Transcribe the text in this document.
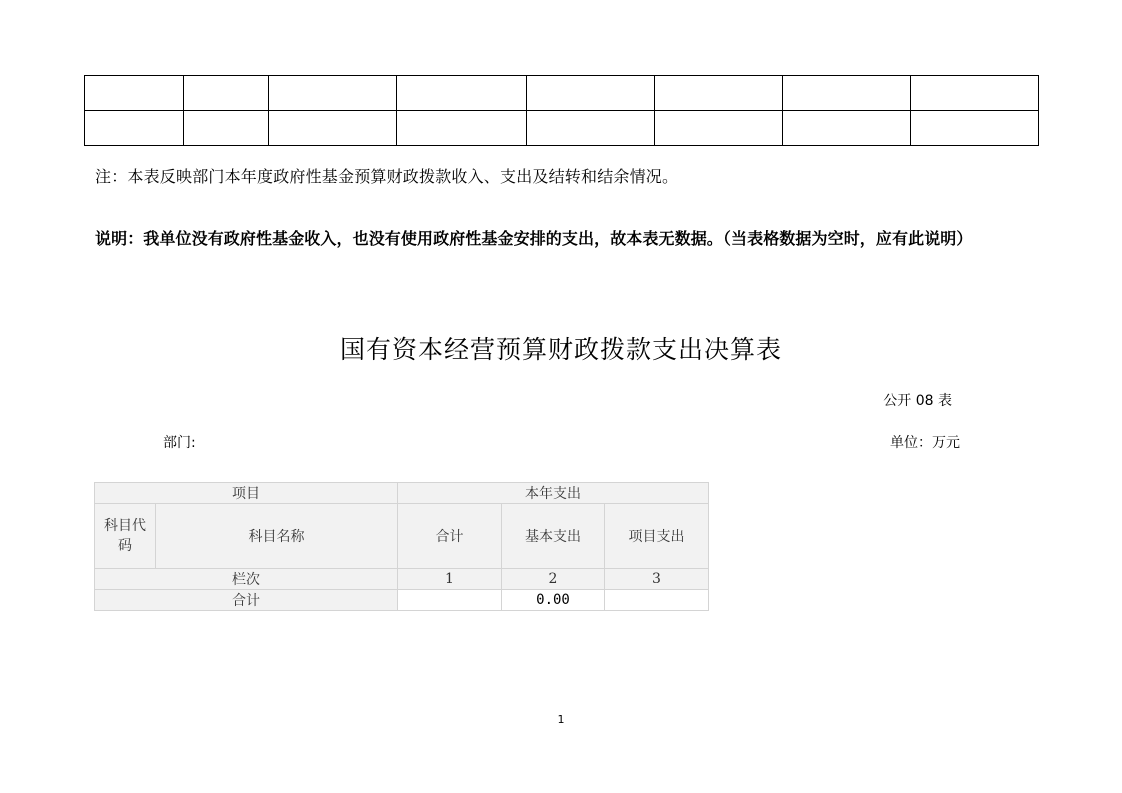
注：本表反映部门本年度政府性基金预算财政拨款收入、支出及结转和结余情况。
说明：我单位没有政府性基金收入，也没有使用政府性基金安排的支出，故本表无数据。（当表格数据为空时，应有此说明）
国有资本经营预算财政拨款支出决算表
公开 08 表
部门:	单位：万元
项目		本年支出		
科目代码	科目名称	合计	基本支出	项目支出
栏次		1	2	3
合计			0.00	
1
